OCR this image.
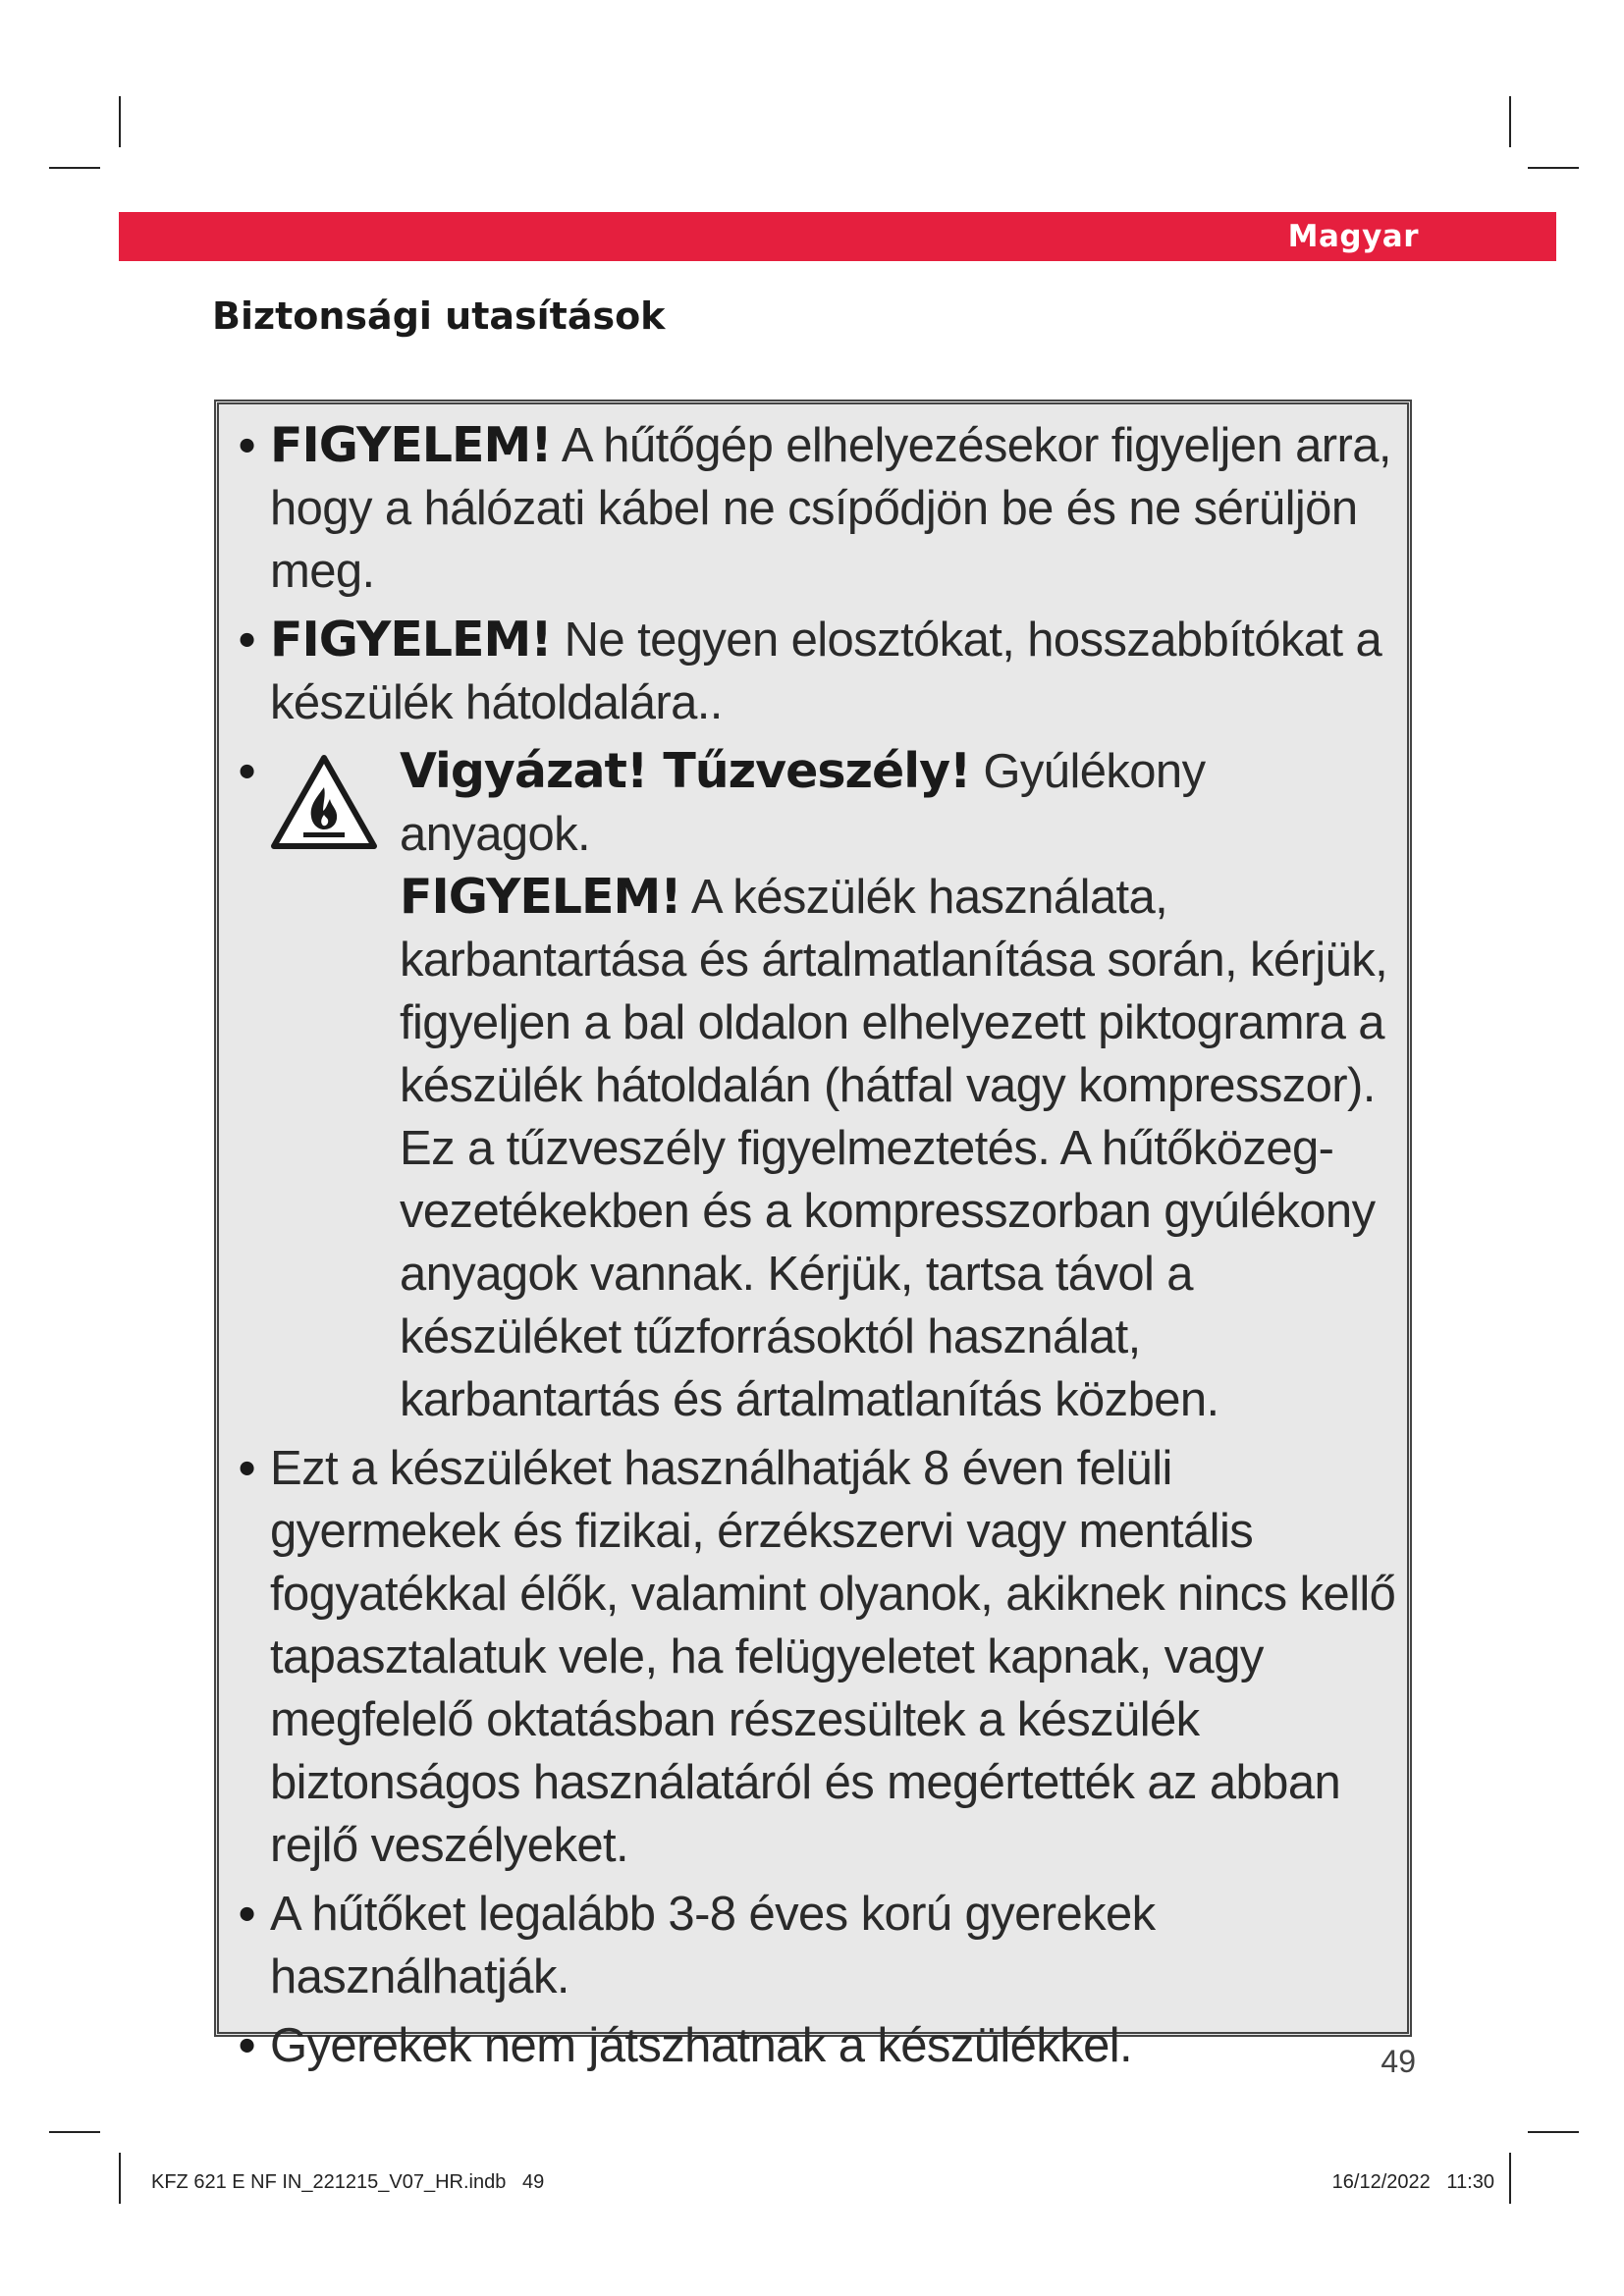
Magyar
Biztonsági utasítások
• FIGYELEM! A hűtőgép elhelyezésekor figyeljen arra, hogy a hálózati kábel ne csípődjön be és ne sérüljön meg.
• FIGYELEM! Ne tegyen elosztókat, hosszabbítókat a készülék hátoldalára..
•	Vigyázat! Tűzveszély! Gyúlékony anyagok.
FIGYELEM! A készülék használata, karbantartása és ártalmatlanítása során, kérjük, figyeljen a bal oldalon elhelyezett piktogramra a készülék hátoldalán (hátfal vagy kompresszor). Ez a tűzveszély figyelmeztetés. A hűtőközeg-vezetékekben és a kompresszorban gyúlékony anyagok vannak. Kérjük, tartsa távol a készüléket tűzforrásoktól használat, karbantartás és ártalmatlanítás közben.
• Ezt a készüléket használhatják 8 éven felüli gyermekek és fizikai, érzékszervi vagy mentális fogyatékkal élők, valamint olyanok, akiknek nincs kellő tapasztalatuk vele, ha felügyeletet kapnak, vagy megfelelő oktatásban részesültek a készülék biztonságos használatáról és megértették az abban rejlő veszélyeket.
• A hűtőket legalább 3-8 éves korú gyerekek használhatják.
• Gyerekek nem játszhatnak a készülékkel.	49
KFZ 621 E NF IN_221215_V07_HR.indb   49	16/12/2022   11:30
